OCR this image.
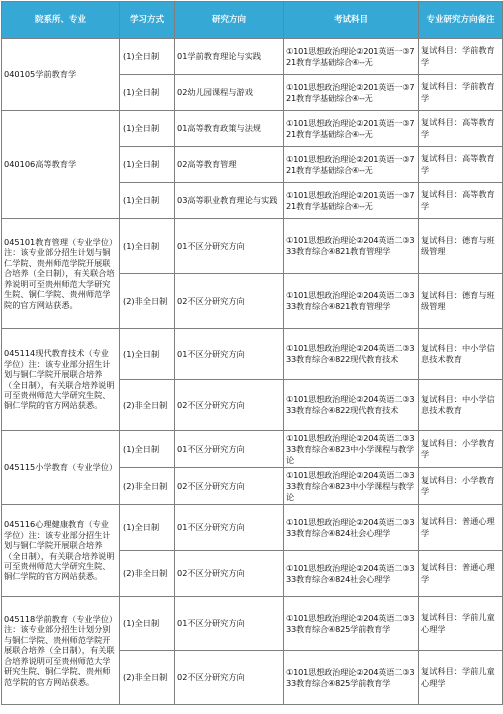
院系所、专业	学习方式	研究方向	考试科目	专业研究方向备注
040105学前教育学	(1)全日制	01学前教育理论与实践	①101思想政治理论②201英语一③721教育学基础综合④--无	复试科目：学前教育学
	(1)全日制	02幼儿园课程与游戏	①101思想政治理论②201英语一③721教育学基础综合④--无	复试科目：学前教育学
040106高等教育学	(1)全日制	01高等教育政策与法规	①101思想政治理论②201英语一③721教育学基础综合④--无	复试科目：高等教育学
	(1)全日制	02高等教育管理	①101思想政治理论②201英语一③721教育学基础综合④--无	复试科目：高等教育学
	(1)全日制	03高等职业教育理论与实践	①101思想政治理论②201英语一③721教育学基础综合④--无	复试科目：高等教育学
045101教育管理（专业学位）注：该专业部分招生计划与铜仁学院、贵州师范学院开展联合培养（全日制），有关联合培养说明可至贵州师范大学研究生院、铜仁学院、贵州师范学院的官方网站获悉。	(1)全日制	01不区分研究方向	①101思想政治理论②204英语二③333教育综合④821教育管理学	复试科目：德育与班级管理
	(2)非全日制	02不区分研究方向	①101思想政治理论②204英语二③333教育综合④821教育管理学	复试科目：德育与班级管理
045114现代教育技术（专业学位）注：该专业部分招生计划与铜仁学院开展联合培养（全日制），有关联合培养说明可至贵州师范大学研究生院、铜仁学院的官方网站获悉。	(1)全日制	01不区分研究方向	①101思想政治理论②204英语二③333教育综合④822现代教育技术	复试科目：中小学信息技术教育
	(2)非全日制	02不区分研究方向	①101思想政治理论②204英语二③333教育综合④822现代教育技术	复试科目：中小学信息技术教育
045115小学教育（专业学位）	(1)全日制	01不区分研究方向	①101思想政治理论②204英语二③333教育综合④823中小学课程与教学论	复试科目：小学教育学
	(2)非全日制	02不区分研究方向	①101思想政治理论②204英语二③333教育综合④823中小学课程与教学论	复试科目：小学教育学
045116心理健康教育（专业学位）注：该专业部分招生计划与铜仁学院开展联合培养（全日制），有关联合培养说明可至贵州师范大学研究生院、铜仁学院的官方网站获悉。	(1)全日制	01不区分研究方向	①101思想政治理论②204英语二③333教育综合④824社会心理学	复试科目：普通心理学
	(2)非全日制	02不区分研究方向	①101思想政治理论②204英语二③333教育综合④824社会心理学	复试科目：普通心理学
045118学前教育（专业学位）注：该专业部分招生计划分别与铜仁学院、贵州师范学院开展联合培养（全日制），有关联合培养说明可至贵州师范大学研究生院、铜仁学院、贵州师范学院的官方网站获悉。	(1)全日制	01不区分研究方向	①101思想政治理论②204英语二③333教育综合④825学前教育学	复试科目：学前儿童心理学
	(2)非全日制	02不区分研究方向	①101思想政治理论②204英语二③333教育综合④825学前教育学	复试科目：学前儿童心理学
